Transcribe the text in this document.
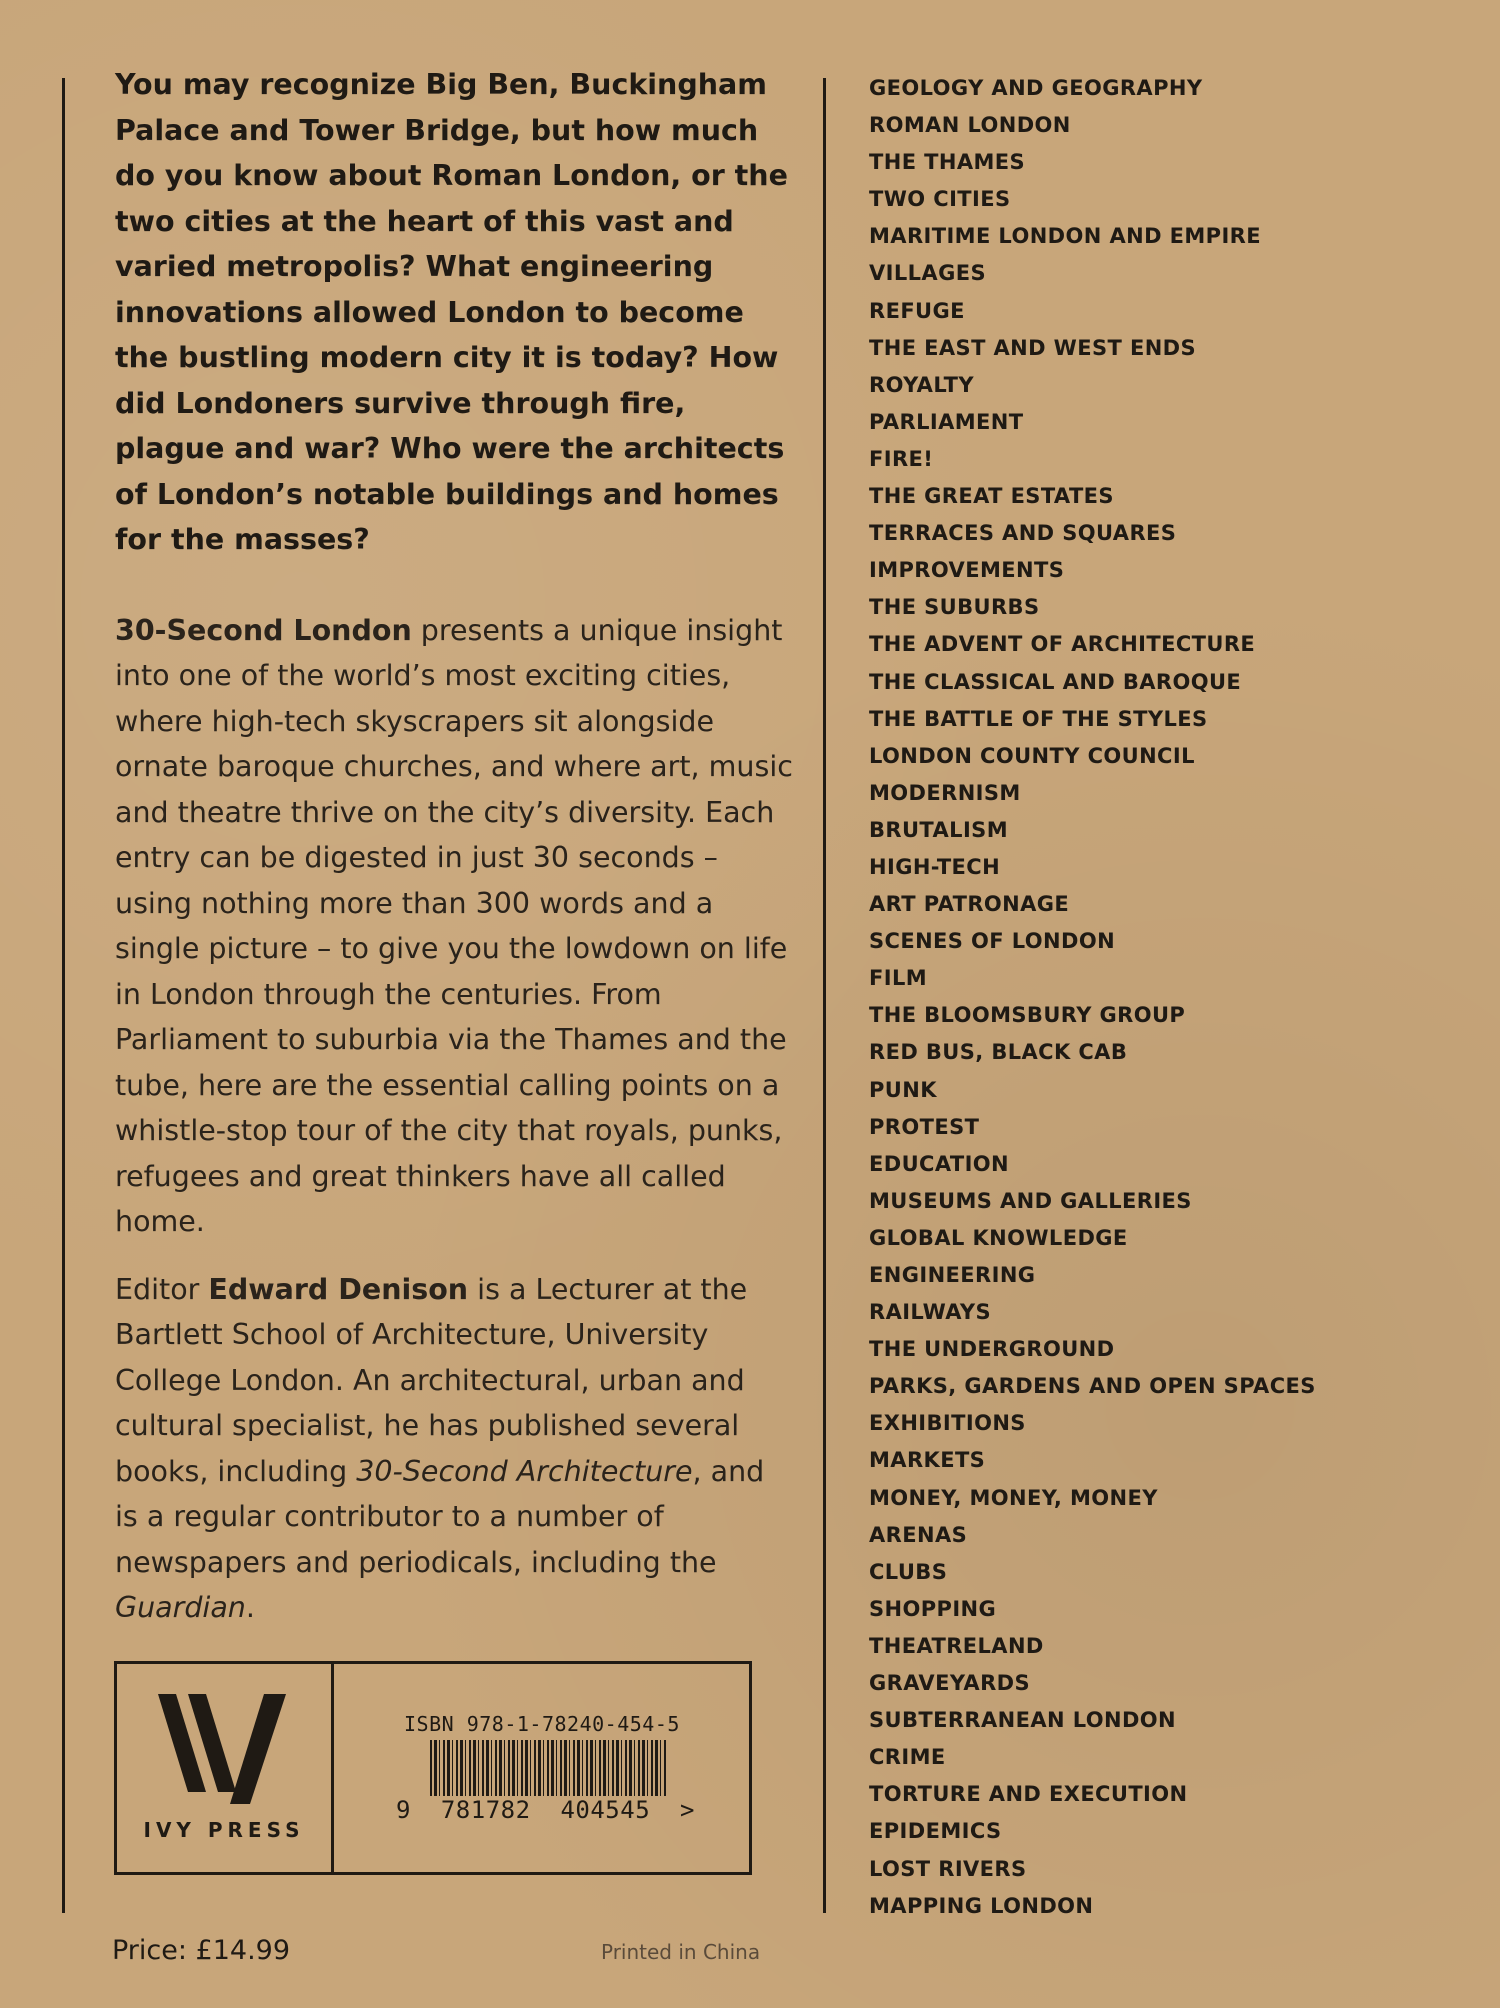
You may recognize Big Ben, Buckingham Palace and Tower Bridge, but how much do you know about Roman London, or the two cities at the heart of this vast and varied metropolis? What engineering innovations allowed London to become the bustling modern city it is today? How did Londoners survive through fire, plague and war? Who were the architects of London’s notable buildings and homes for the masses?

30-Second London presents a unique insight into one of the world’s most exciting cities, where high-tech skyscrapers sit alongside ornate baroque churches, and where art, music and theatre thrive on the city’s diversity. Each entry can be digested in just 30 seconds – using nothing more than 300 words and a single picture – to give you the lowdown on life in London through the centuries. From Parliament to suburbia via the Thames and the tube, here are the essential calling points on a whistle-stop tour of the city that royals, punks, refugees and great thinkers have all called home.

Editor Edward Denison is a Lecturer at the Bartlett School of Architecture, University College London. An architectural, urban and cultural specialist, he has published several books, including 30-Second Architecture, and is a regular contributor to a number of newspapers and periodicals, including the Guardian.

GEOLOGY AND GEOGRAPHY
ROMAN LONDON
THE THAMES
TWO CITIES
MARITIME LONDON AND EMPIRE
VILLAGES
REFUGE
THE EAST AND WEST ENDS
ROYALTY
PARLIAMENT
FIRE!
THE GREAT ESTATES
TERRACES AND SQUARES
IMPROVEMENTS
THE SUBURBS
THE ADVENT OF ARCHITECTURE
THE CLASSICAL AND BAROQUE
THE BATTLE OF THE STYLES
LONDON COUNTY COUNCIL
MODERNISM
BRUTALISM
HIGH-TECH
ART PATRONAGE
SCENES OF LONDON
FILM
THE BLOOMSBURY GROUP
RED BUS, BLACK CAB
PUNK
PROTEST
EDUCATION
MUSEUMS AND GALLERIES
GLOBAL KNOWLEDGE
ENGINEERING
RAILWAYS
THE UNDERGROUND
PARKS, GARDENS AND OPEN SPACES
EXHIBITIONS
MARKETS
MONEY, MONEY, MONEY
ARENAS
CLUBS
SHOPPING
THEATRELAND
GRAVEYARDS
SUBTERRANEAN LONDON
CRIME
TORTURE AND EXECUTION
EPIDEMICS
LOST RIVERS
MAPPING LONDON
IVY PRESS
ISBN 978-1-78240-454-5
9  781782  404545  >
Price: £14.99	Printed in China
